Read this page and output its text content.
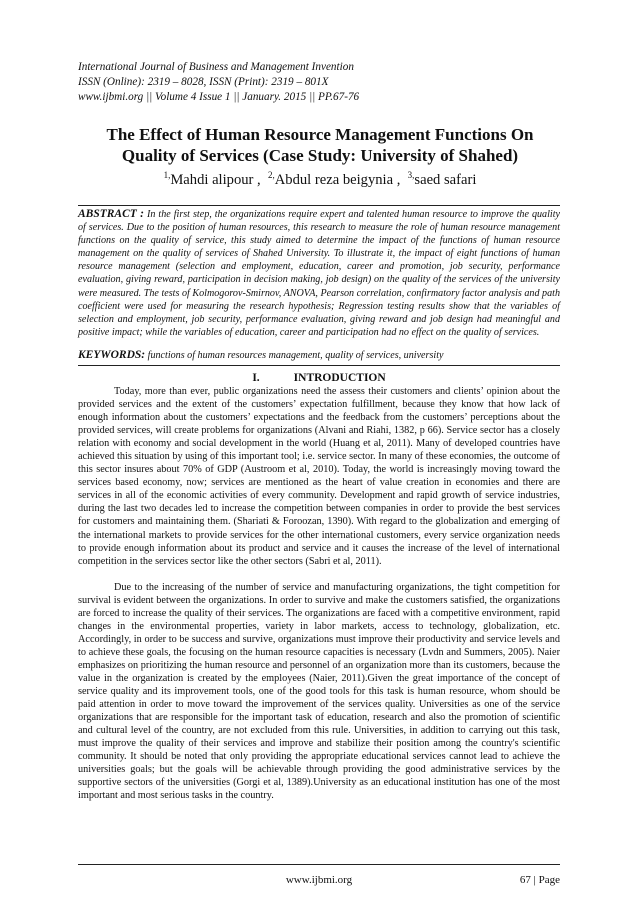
International Journal of Business and Management Invention
ISSN (Online): 2319 – 8028, ISSN (Print): 2319 – 801X
www.ijbmi.org || Volume 4 Issue 1 || January. 2015 || PP.67-76
The Effect of Human Resource Management Functions On
Quality of Services (Case Study: University of Shahed)
$^{1,}$Mahdi alipour , $^{2,}$Abdul reza beigynia , $^{3,}$saed safari
ABSTRACT : In the first step, the organizations require expert and talented human resource to improve the quality of services. Due to the position of human resources, this research to measure the role of human resource management functions on the quality of service, this study aimed to determine the impact of the functions of human resource management on the quality of services of Shahed University. To illustrate it, the impact of eight functions of human resource management (selection and employment, education, career and promotion, job security, performance evaluation, giving reward, participation in decision making, job design) on the quality of the services of the university were measured. The tests of Kolmogorov-Smirnov, ANOVA, Pearson correlation, confirmatory factor analysis and path coefficient were used for measuring the research hypothesis; Regression testing results show that the variables of selection and employment, job security, performance evaluation, giving reward and job design had meaningful and positive impact; while the variables of education, career and participation had no effect on the quality of services.
KEYWORDS: functions of human resources management, quality of services, university
I.	INTRODUCTION

Today, more than ever, public organizations need the assess their customers and clients’ opinion about the provided services and the extent of the customers’ expectation fulfillment, because they know that how lack of enough information about the customers’ expectations and the feedback from the customers’ perceptions about the provided services, will create problems for organizations (Alvani and Riahi, 1382, p 66). Service sector has a closely relation with economy and social development in the world (Huang et al, 2011). Many of developed countries have achieved this situation by using of this important tool; i.e. service sector. In many of these economies, the outcome of this sector insures about 70% of GDP (Austroom et al, 2010). Today, the world is increasingly moving toward the services based economy, now; services are mentioned as the heart of value creation in economies and there are services in all of the economic activities of every community. Development and rapid growth of service industries, during the last two decades led to increase the competition between companies in order to provide the best services for customers and maintaining them. (Shariati & Foroozan, 1390). With regard to the globalization and emerging of the international markets to provide services for the other international customers, every service organization needs to provide enough information about its product and service and it causes the increase of the level of international competition in the services sector like the other sectors (Sabri et al, 2011).

Due to the increasing of the number of service and manufacturing organizations, the tight competition for survival is evident between the organizations. In order to survive and make the customers satisfied, the organizations are forced to increase the quality of their services. The organizations are faced with a competitive environment, rapid changes in the environmental properties, variety in labor markets, access to technology, globalization, etc. Accordingly, in order to be success and survive, organizations must improve their productivity and service levels and to achieve these goals, the focusing on the human resource capacities is necessary (Lvdn and Summers, 2005). Naier emphasizes on prioritizing the human resource and personnel of an organization more than its customers, because the value in the organization is created by the employees (Naier, 2011).Given the great importance of the concept of service quality and its improvement tools, one of the good tools for this task is human resource, whom should be paid attention in order to move toward the improvement of the services quality. Universities as one of the service organizations that are responsible for the important task of education, research and also the promotion of scientific and cultural level of the country, are not excluded from this rule. Universities, in addition to carrying out this task, must improve the quality of their services and improve and stabilize their position among the country's scientific community. It should be noted that only providing the appropriate educational services cannot lead to achieve the universities goals; but the goals will be achievable through providing the good administrative services by the supportive sectors of the universities (Gorgi et al, 1389).University as an educational institution has one of the most important and most serious tasks in the country.

www.ijbmi.org	67 | Page
